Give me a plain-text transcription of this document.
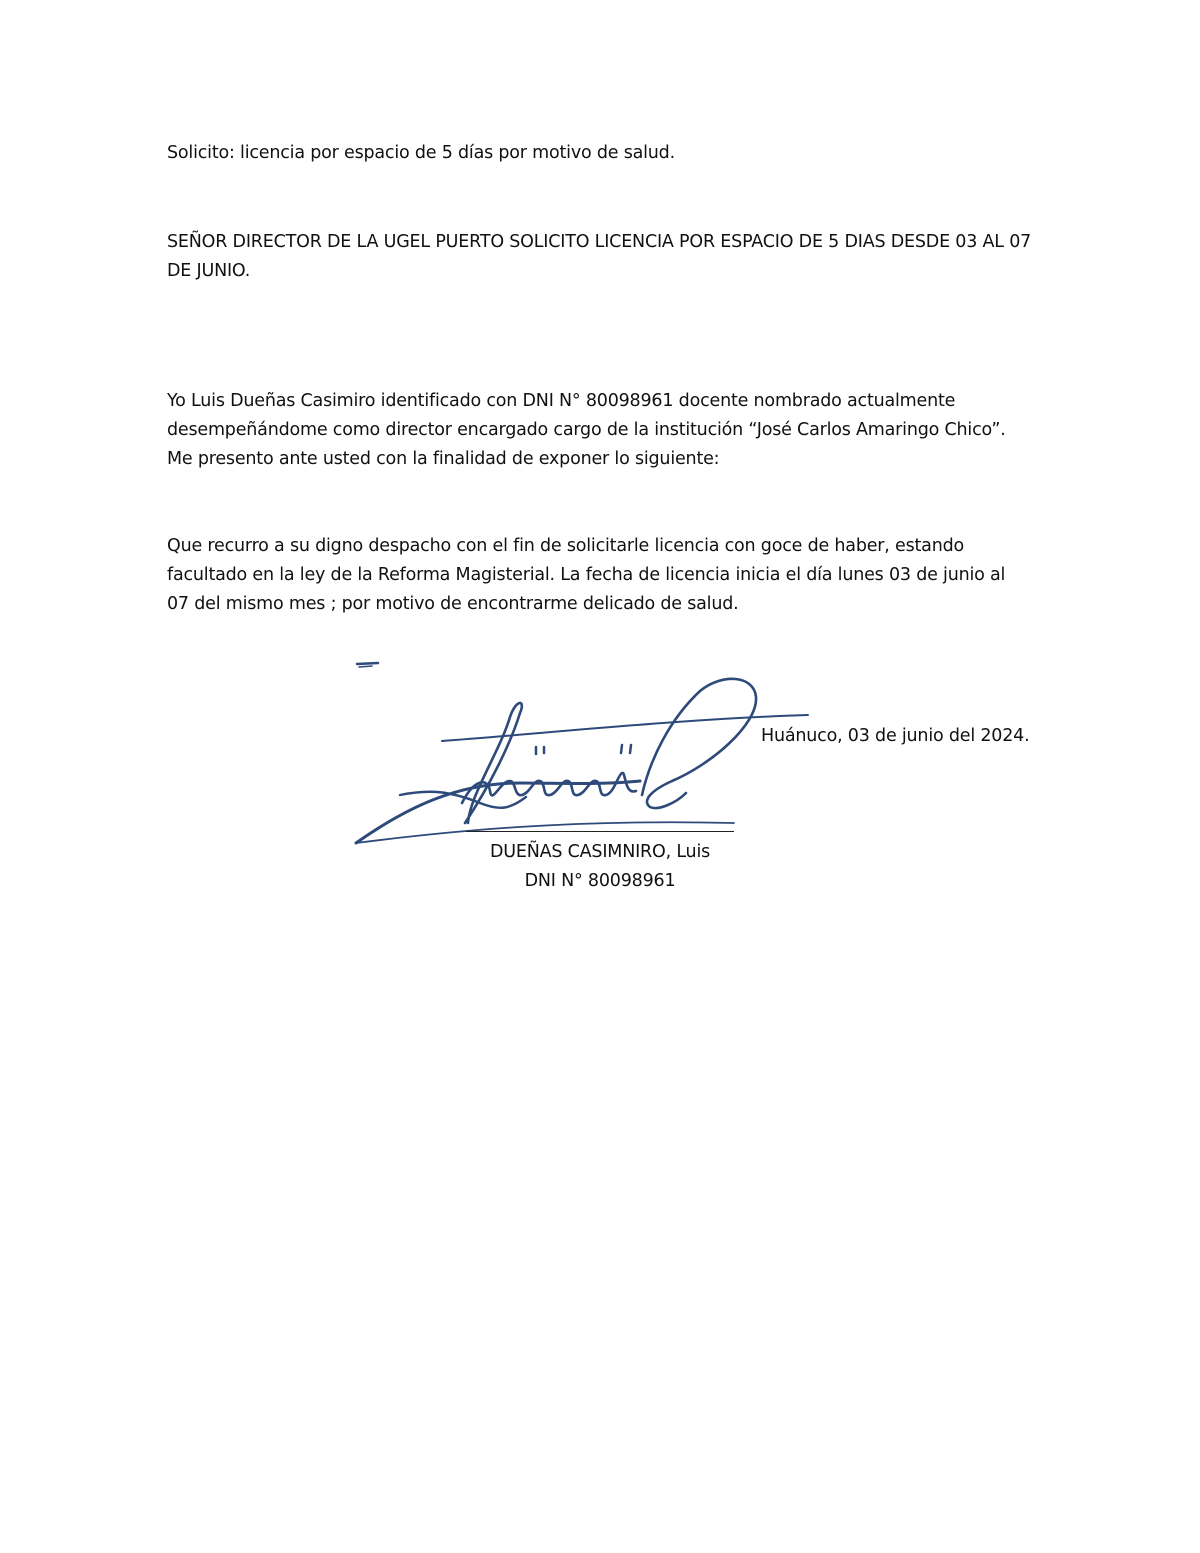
Solicito: licencia por espacio de 5 días por motivo de salud.
SEÑOR DIRECTOR DE LA UGEL PUERTO SOLICITO LICENCIA POR ESPACIO DE 5 DIAS DESDE 03 AL 07
DE JUNIO.
Yo Luis Dueñas Casimiro identificado con DNI N° 80098961 docente nombrado actualmente
desempeñándome como director encargado cargo de la institución “José Carlos Amaringo Chico”.
Me presento ante usted con la finalidad de exponer lo siguiente:
Que recurro a su digno despacho con el fin de solicitarle licencia con goce de haber, estando
facultado en la ley de la Reforma Magisterial. La fecha de licencia inicia el día lunes 03 de junio al
07 del mismo mes ; por motivo de encontrarme delicado de salud.
Huánuco, 03 de junio del 2024.
DUEÑAS CASIMNIRO, Luis
DNI N° 80098961
